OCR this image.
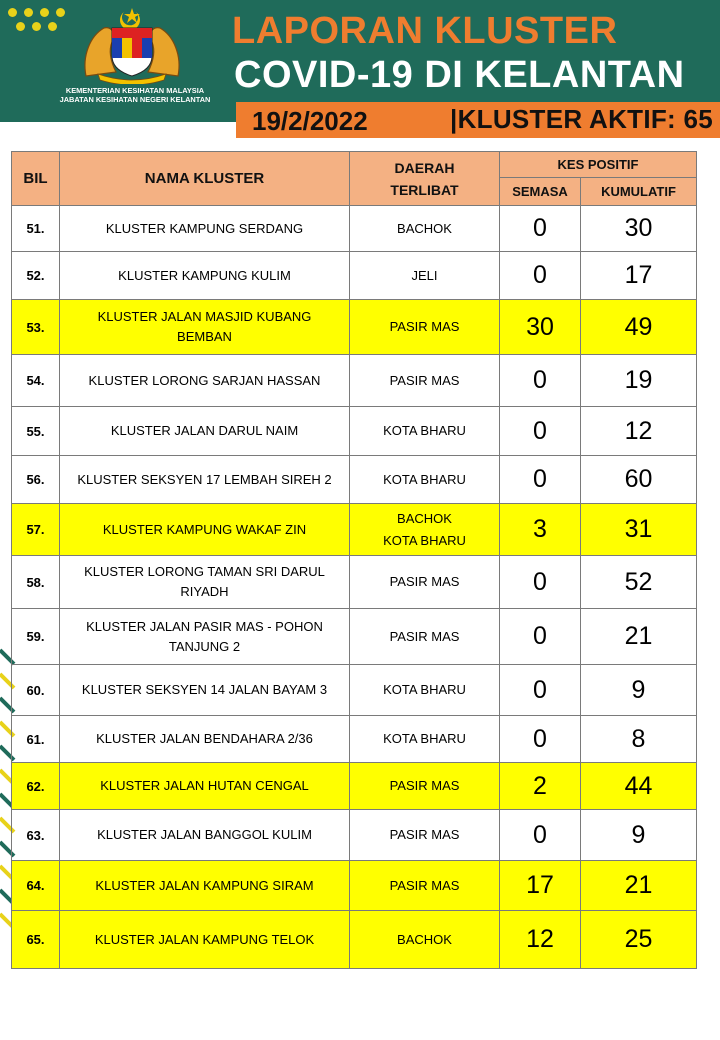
KEMENTERIAN KESIHATAN MALAYSIA
JABATAN KESIHATAN NEGERI KELANTAN
LAPORAN KLUSTER
COVID-19 DI KELANTAN
19/2/2022	|KLUSTER AKTIF: 65
BIL	NAMA KLUSTER	DAERAH
TERLIBAT	KES POSITIF	
			SEMASA	KUMULATIF
51.	KLUSTER KAMPUNG SERDANG	BACHOK	0	30
52.	KLUSTER KAMPUNG KULIM	JELI	0	17
53.	KLUSTER JALAN MASJID KUBANG
BEMBAN	PASIR MAS	30	49
54.	KLUSTER LORONG SARJAN HASSAN	PASIR MAS	0	19
55.	KLUSTER JALAN DARUL NAIM	KOTA BHARU	0	12
56.	KLUSTER SEKSYEN 17 LEMBAH SIREH 2	KOTA BHARU	0	60
57.	KLUSTER KAMPUNG WAKAF ZIN	BACHOK
KOTA BHARU	3	31
58.	KLUSTER LORONG TAMAN SRI DARUL
RIYADH	PASIR MAS	0	52
59.	KLUSTER JALAN PASIR MAS - POHON
TANJUNG 2	PASIR MAS	0	21
60.	KLUSTER SEKSYEN 14 JALAN BAYAM 3	KOTA BHARU	0	9
61.	KLUSTER JALAN BENDAHARA 2/36	KOTA BHARU	0	8
62.	KLUSTER JALAN HUTAN CENGAL	PASIR MAS	2	44
63.	KLUSTER JALAN BANGGOL KULIM	PASIR MAS	0	9
64.	KLUSTER JALAN KAMPUNG SIRAM	PASIR MAS	17	21
65.	KLUSTER JALAN KAMPUNG TELOK	BACHOK	12	25
